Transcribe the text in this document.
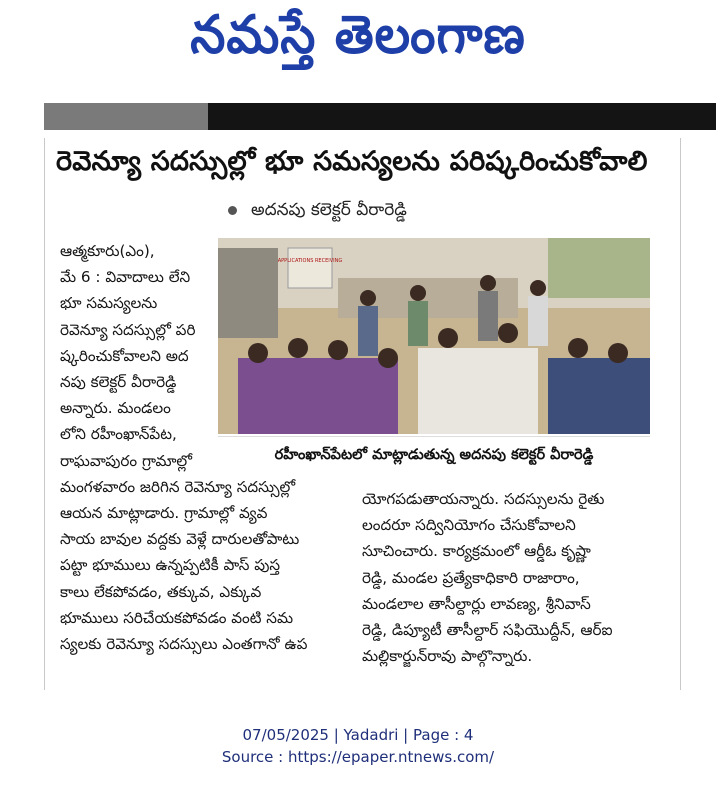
నమస్తే తెలంగాణ
రెవెన్యూ సదస్సుల్లో భూ సమస్యలను పరిష్కరించుకోవాలి
అదనపు కలెక్టర్ వీరారెడ్డి

ఆత్మకూరు(ఎం),

మే 6 : వివాదాలు లేని

భూ సమస్యలను

రెవెన్యూ సదస్సుల్లో పరి

ష్కరించుకోవాలని అద

నపు కలెక్టర్ వీరారెడ్డి

అన్నారు. మండలం

లోని రహీంఖాన్‌పేట,

రాఘవాపురం గ్రామాల్లో

మంగళవారం జరిగిన రెవెన్యూ సదస్సుల్లో

ఆయన మాట్లాడారు. గ్రామాల్లో వ్యవ

సాయ బావుల వద్దకు వెళ్లే దారులతోపాటు

పట్టా భూములు ఉన్నప్పటికీ పాస్ పుస్త

కాలు లేకపోవడం, తక్కువ, ఎక్కువ

భూములు సరిచేయకపోవడం వంటి సమ

స్యలకు రెవెన్యూ సదస్సులు ఎంతగానో ఉప

APPLICATIONS RECEIVING
రహీంఖాన్‌పేటలో మాట్లాడుతున్న అదనపు కలెక్టర్ వీరారెడ్డి

యోగపడుతాయన్నారు. సదస్సులను రైతు

లందరూ సద్వినియోగం చేసుకోవాలని

సూచించారు. కార్యక్రమంలో ఆర్డీఓ కృష్ణా

రెడ్డి, మండల ప్రత్యేకాధికారి రాజారాం,

మండలాల తాసీల్దార్లు లావణ్య, శ్రీనివాస్

రెడ్డి, డిప్యూటీ తాసీల్దార్ సఫియొద్దీన్, ఆర్ఐ

మల్లికార్జున్‌రావు పాల్గొన్నారు.

07/05/2025 | Yadadri | Page : 4
Source : https://epaper.ntnews.com/
